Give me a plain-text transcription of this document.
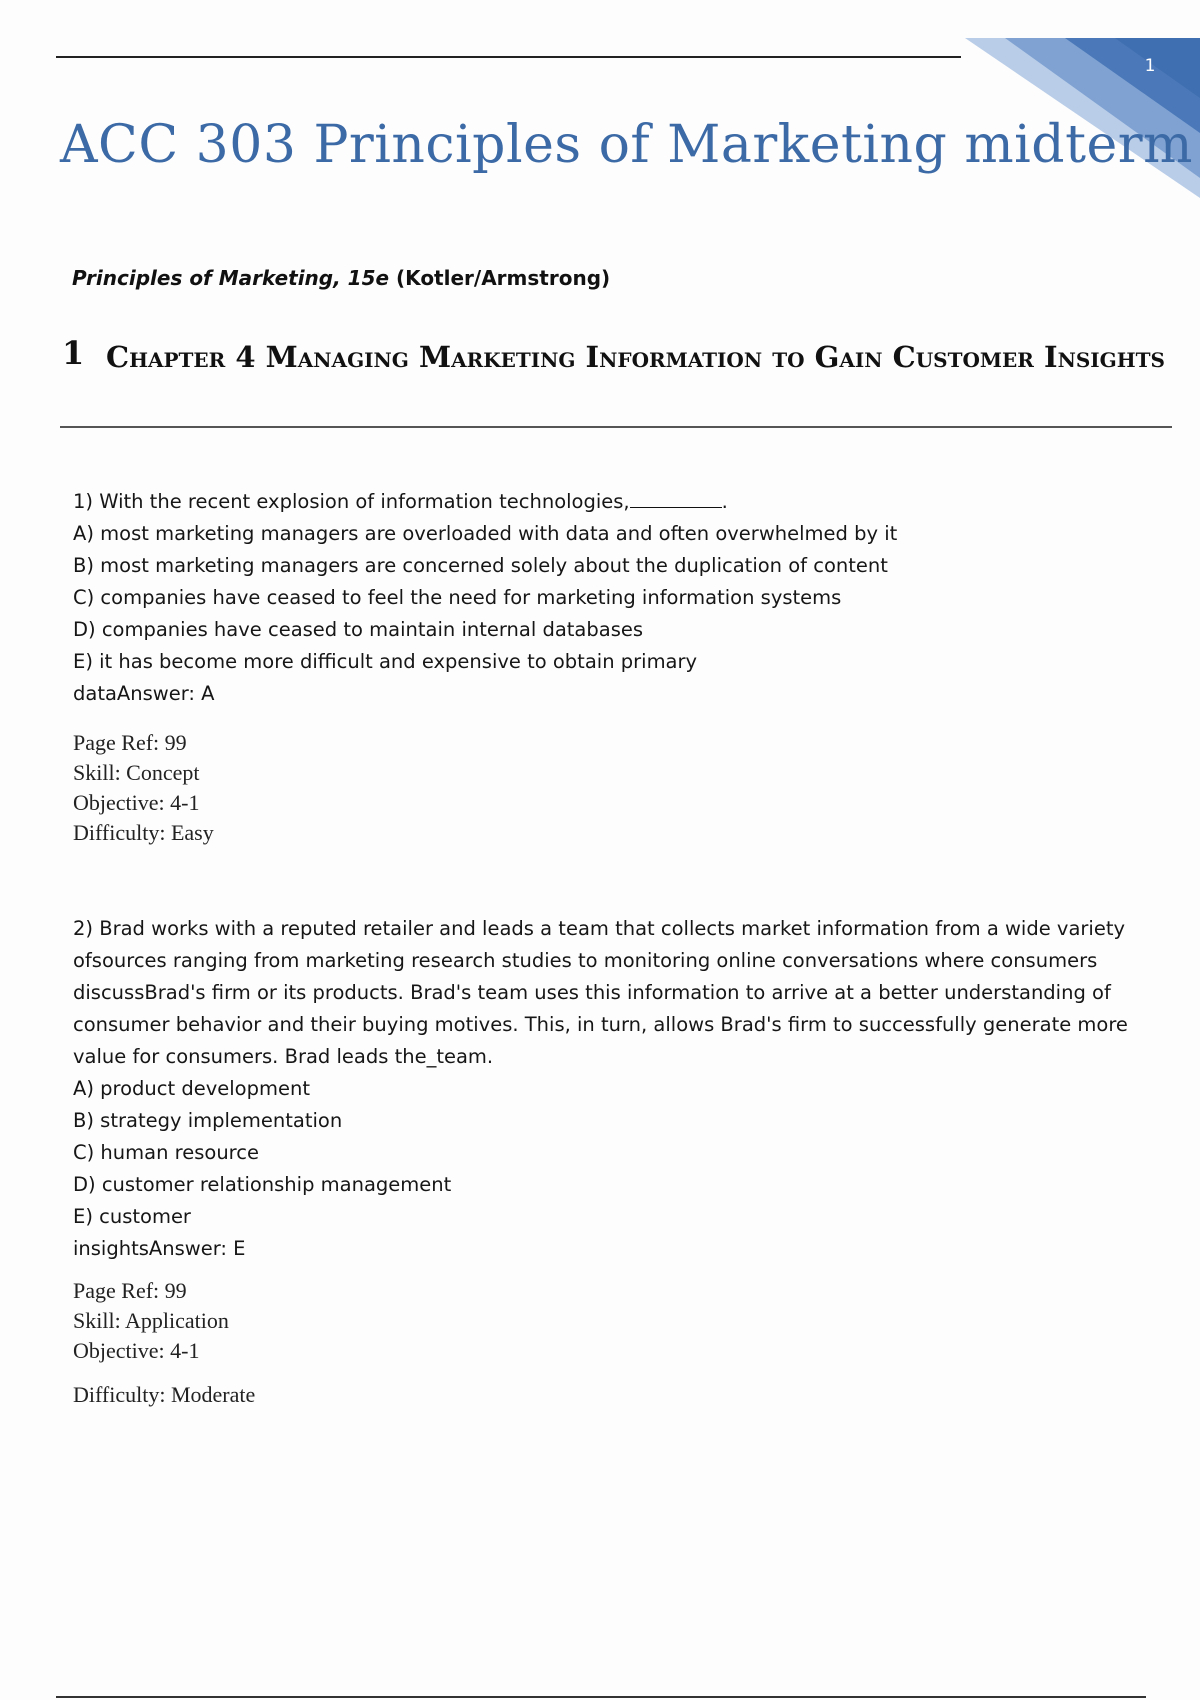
1
ACC 303 Principles of Marketing midterm
Principles of Marketing, 15e (Kotler/Armstrong)
1 Chapter 4 Managing Marketing Information to Gain Customer Insights
1) With the recent explosion of information technologies,	.
A) most marketing managers are overloaded with data and often overwhelmed by it
B) most marketing managers are concerned solely about the duplication of content
C) companies have ceased to feel the need for marketing information systems
D) companies have ceased to maintain internal databases
E) it has become more difficult and expensive to obtain primary
dataAnswer: A
Page Ref: 99
Skill: Concept
Objective: 4-1
Difficulty: Easy
2) Brad works with a reputed retailer and leads a team that collects market information from a wide variety ofsources ranging from marketing research studies to monitoring online conversations where consumers discussBrad's firm or its products. Brad's team uses this information to arrive at a better understanding of consumer behavior and their buying motives. This, in turn, allows Brad's firm to successfully generate more value for consumers. Brad leads the_team.
A) product development
B) strategy implementation
C) human resource
D) customer relationship management
E) customer
insightsAnswer: E
Page Ref: 99
Skill: Application
Objective: 4-1
Difficulty: Moderate
